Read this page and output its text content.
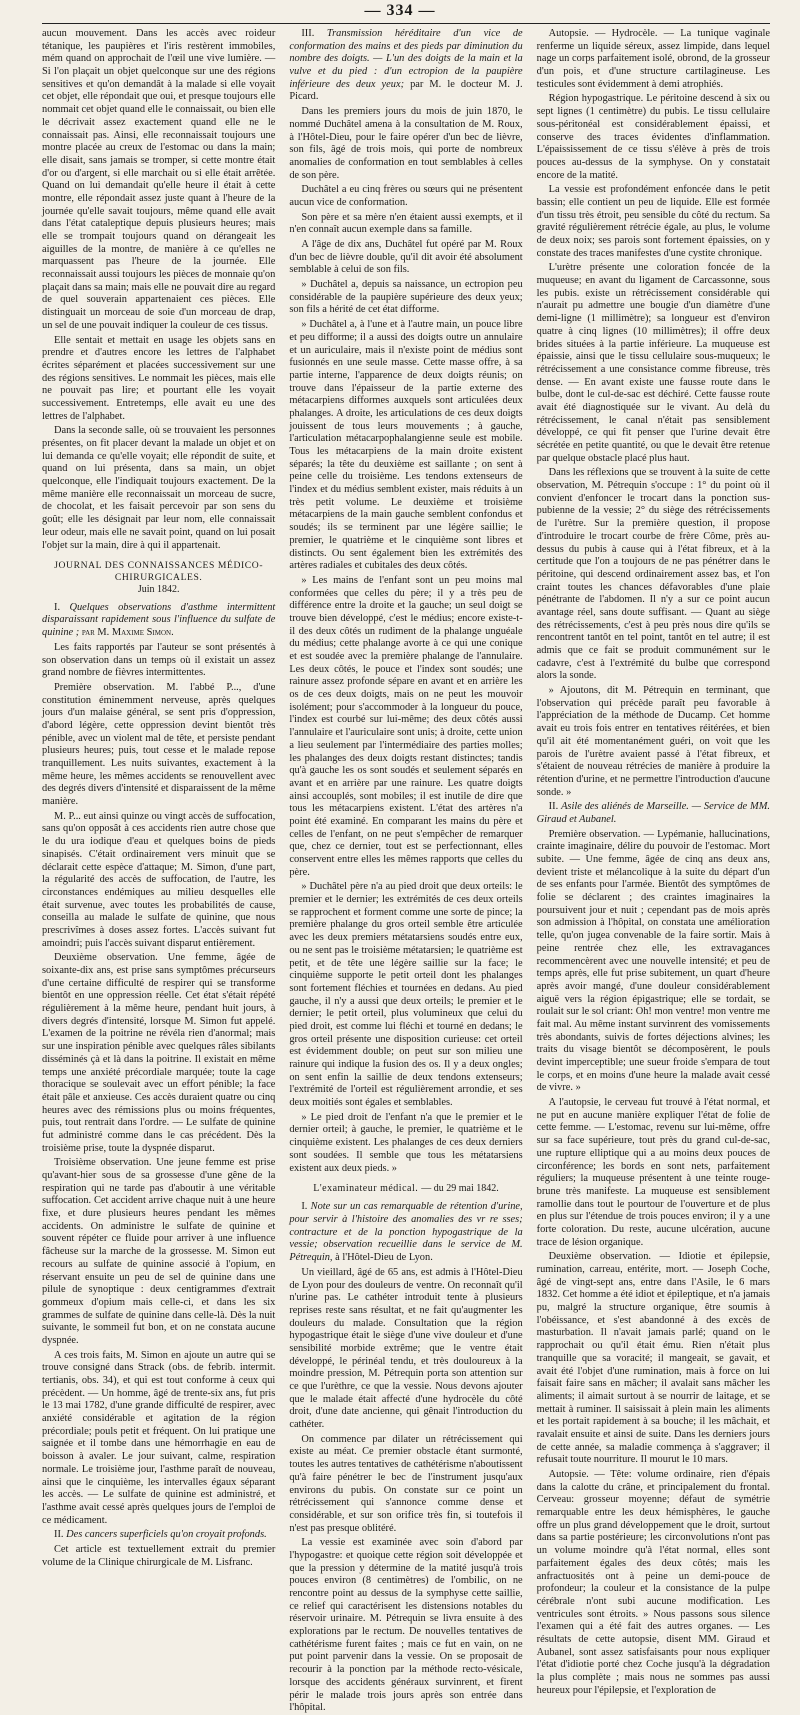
— 334 —

aucun mouvement. Dans les accès avec roideur tétanique, les paupières et l'iris restèrent immobiles, mém quand on approchait de l'œil une vive lumière. — Si l'on plaçait un objet quelconque sur une des régions sensitives et qu'on demandât à la malade si elle voyait cet objet, elle répondait que oui, et presque toujours elle nommait cet objet quand elle le connaissait, ou bien elle le décrivait assez exactement quand elle ne le connaissait pas. Ainsi, elle reconnaissait toujours une montre placée au creux de l'estomac ou dans la main; elle disait, sans jamais se tromper, si cette montre était d'or ou d'argent, si elle marchait ou si elle était arrêtée. Quand on lui demandait qu'elle heure il était à cette montre, elle répondait assez juste quant à l'heure de la journée qu'elle savait toujours, même quand elle avait dans l'état cataleptique depuis plusieurs heures; mais elle se trompait toujours quand on dérangeait les aiguilles de la montre, de manière à ce qu'elles ne marquassent pas l'heure de la journée. Elle reconnaissait aussi toujours les pièces de monnaie qu'on plaçait dans sa main; mais elle ne pouvait dire au regard de quel souverain appartenaient ces pièces. Elle distinguait un morceau de soie d'un morceau de drap, un sel de une pouvait indiquer la couleur de ces tissus.

Elle sentait et mettait en usage les objets sans en prendre et d'autres encore les lettres de l'alphabet écrites séparément et placées successivement sur une des régions sensitives. Le nommait les pièces, mais elle ne pouvait pas lire; et pourtant elle les voyait successivement. Entretemps, elle avait eu une des lettres de l'alphabet.

Dans la seconde salle, où se trouvaient les personnes présentes, on fit placer devant la malade un objet et on lui demanda ce qu'elle voyait; elle répondit de suite, et quand on lui présenta, dans sa main, un objet quelconque, elle l'indiquait toujours exactement. De la même manière elle reconnaissait un morceau de sucre, de chocolat, et les faisait percevoir par son sens du goût; elle les désignait par leur nom, elle connaissait leur odeur, mais elle ne savait point, quand on lui posait l'objet sur la main, dire à qui il appartenait.

JOURNAL DES CONNAISSANCES MÉDICO-CHIRURGICALES.
Juin 1842.

I. Quelques observations d'asthme intermittent disparaissant rapidement sous l'influence du sulfate de quinine ; par M. Maxime Simon.

Les faits rapportés par l'auteur se sont présentés à son observation dans un temps où il existait un assez grand nombre de fièvres intermittentes.

Première observation. M. l'abbé P..., d'une constitution éminemment nerveuse, après quelques jours d'un malaise général, se sent pris d'oppression, d'abord légère, cette oppression devint bientôt très pénible, avec un violent mal de tête, et persiste pendant plusieurs heures; puis, tout cesse et le malade repose tranquillement. Les nuits suivantes, exactement à la même heure, les mêmes accidents se renouvellent avec des degrés divers d'intensité et disparaissent de la même manière.

M. P... eut ainsi quinze ou vingt accès de suffocation, sans qu'on opposât à ces accidents rien autre chose que le du ura iodique d'eau et quelques boins de pieds sinapisés. C'était ordinairement vers minuit que se déclarait cette espèce d'attaque; M. Simon, d'une part, la régularité des accès de suffocation, de l'autre, les circonstances endémiques au milieu desquelles elle était survenue, avec toutes les probabilités de cause, conseilla au malade le sulfate de quinine, que nous prescrivîmes à doses assez fortes. L'accès suivant fut amoindri; puis l'accès suivant disparut entièrement.

Deuxième observation. Une femme, âgée de soixante-dix ans, est prise sans symptômes précurseurs d'une certaine difficulté de respirer qui se transforme bientôt en une oppression réelle. Cet état s'était répété régulièrement à la même heure, pendant huit jours, à divers degrés d'intensité, lorsque M. Simon fut appelé. L'examen de la poitrine ne révéla rien d'anormal; mais sur une inspiration pénible avec quelques râles sibilants disséminés çà et là dans la poitrine. Il existait en même temps une anxiété précordiale marquée; toute la cage thoracique se soulevait avec un effort pénible; la face était pâle et anxieuse. Ces accès duraient quatre ou cinq heures avec des rémissions plus ou moins fréquentes, puis, tout rentrait dans l'ordre. — Le sulfate de quinine fut administré comme dans le cas précédent. Dès la troisième prise, toute la dyspnée disparut.

Troisième observation. Une jeune femme est prise qu'avant-hier sous de sa grossesse d'une gêne de la respiration qui ne tarde pas d'aboutir à une véritable suffocation. Cet accident arrive chaque nuit à une heure fixe, et dure plusieurs heures pendant les mêmes accidents. On administre le sulfate de quinine et souvent répéter ce fluide pour arriver à une influence fâcheuse sur la marche de la grossesse. M. Simon eut recours au sulfate de quinine associé à l'opium, en réservant ensuite un peu de sel de quinine dans une pilule de synoptique : deux centigrammes d'extrait gommeux d'opium mais celle-ci, et dans les six grammes de sulfate de quinine dans celle-là. Dès la nuit suivante, le sommeil fut bon, et on ne constata aucune dyspnée.

A ces trois faits, M. Simon en ajoute un autre qui se trouve consigné dans Strack (obs. de febrib. intermit. tertianis, obs. 34), et qui est tout conforme à ceux qui précèdent. — Un homme, âgé de trente-six ans, fut pris le 13 mai 1782, d'une grande difficulté de respirer, avec anxiété considérable et agitation de la région précordiale; pouls petit et fréquent. On lui pratique une saignée et il tombe dans une hémorrhagie en eau de boisson à avaler. Le jour suivant, calme, respiration normale. Le troisième jour, l'asthme paraît de nouveau, ainsi que le cinquième, les intervalles égaux séparant les accès. — Le sulfate de quinine est administré, et l'asthme avait cessé après quelques jours de l'emploi de ce médicament.

II. Des cancers superficiels qu'on croyait profonds.

Cet article est textuellement extrait du premier volume de la Clinique chirurgicale de M. Lisfranc.

III. Transmission héréditaire d'un vice de conformation des mains et des pieds par diminution du nombre des doigts. — L'un des doigts de la main et la vulve et du pied : d'un ectropion de la paupière inférieure des deux yeux; par M. le docteur M. J. Picard.

Dans les premiers jours du mois de juin 1870, le nommé Duchâtel amena à la consultation de M. Roux, à l'Hôtel-Dieu, pour le faire opérer d'un bec de lièvre, son fils, âgé de trois mois, qui porte de nombreux anomalies de conformation en tout semblables à celles de son père.

Duchâtel a eu cinq frères ou sœurs qui ne présentent aucun vice de conformation.

Son père et sa mère n'en étaient aussi exempts, et il n'en connaît aucun exemple dans sa famille.

A l'âge de dix ans, Duchâtel fut opéré par M. Roux d'un bec de lièvre double, qu'il dit avoir été absolument semblable à celui de son fils.

» Duchâtel a, depuis sa naissance, un ectropion peu considérable de la paupière supérieure des deux yeux; son fils a hérité de cet état difforme.

» Duchâtel a, à l'une et à l'autre main, un pouce libre et peu difforme; il a aussi des doigts outre un annulaire et un auriculaire, mais il n'existe point de médius sont fusionnés en une seule masse. Cette masse offre, à sa partie interne, l'apparence de deux doigts réunis; on trouve dans l'épaisseur de la partie externe des métacarpiens difformes auxquels sont articulées deux phalanges. A droite, les articulations de ces deux doigts jouissent de tous leurs mouvements ; à gauche, l'articulation métacarpophalangienne seule est mobile. Tous les métacarpiens de la main droite existent séparés; la tête du deuxième est saillante ; on sent à peine celle du troisième. Les tendons extenseurs de l'index et du médius semblent exister, mais réduits à un très petit volume. Le deuxième et troisième métacarpiens de la main gauche semblent confondus et soudés; ils se terminent par une légère saillie; le premier, le quatrième et le cinquième sont libres et distincts. Ou sent également bien les extrémités des artères radiales et cubitales des deux côtés.

» Les mains de l'enfant sont un peu moins mal conformées que celles du père; il y a très peu de différence entre la droite et la gauche; un seul doigt se trouve bien développé, c'est le médius; encore existe-t-il des deux côtés un rudiment de la phalange unguéale du médius; cette phalange avorte à ce qui une conique et est soudée avec la première phalange de l'annulaire. Les deux côtés, le pouce et l'index sont soudés; une rainure assez profonde sépare en avant et en arrière les os de ces deux doigts, mais on ne peut les mouvoir isolément; pour s'accommoder à la longueur du pouce, l'index est courbé sur lui-même; des deux côtés aussi l'annulaire et l'auriculaire sont unis; à droite, cette union a lieu seulement par l'intermédiaire des parties molles; les phalanges des deux doigts restant distinctes; tandis qu'à gauche les os sont soudés et seulement séparés en avant et en arrière par une rainure. Les quatre doigts ainsi accouplés, sont mobiles; il est inutile de dire que tous les métacarpiens existent. L'état des artères n'a point été examiné. En comparant les mains du père et celles de l'enfant, on ne peut s'empêcher de remarquer que, chez ce dernier, tout est se perfectionnant, elles conservent entre elles les mêmes rapports que celles du père.

» Duchâtel père n'a au pied droit que deux orteils: le premier et le dernier; les extrémités de ces deux orteils se rapprochent et forment comme une sorte de pince; la première phalange du gros orteil semble être articulée avec les deux premiers métatarsiens soudés entre eux, ou ne sent pas le troisième métatarsien; le quatrième est petit, et de tête une légère saillie sur la face; le cinquième supporte le petit orteil dont les phalanges sont fortement fléchies et tournées en dedans. Au pied gauche, il n'y a aussi que deux orteils; le premier et le dernier; le petit orteil, plus volumineux que celui du pied droit, est comme lui fléchi et tourné en dedans; le gros orteil présente une disposition curieuse: cet orteil est évidemment double; on peut sur son milieu une rainure qui indique la fusion des os. Il y a deux ongles; on sent enfin la saillie de deux tendons extenseurs; l'extrémité de l'orteil est régulièrement arrondie, et ses deux moitiés sont égales et semblables.

» Le pied droit de l'enfant n'a que le premier et le dernier orteil; à gauche, le premier, le quatrième et le cinquième existent. Les phalanges de ces deux derniers sont soudées. Il semble que tous les métatarsiens existent aux deux pieds. »

L'examinateur médical. — du 29 mai 1842.

I. Note sur un cas remarquable de rétention d'urine, pour servir à l'histoire des anomalies des vr re sses; contracture et de la ponction hypogastrique de la vessie; observation recueillie dans le service de M. Pétrequin, à l'Hôtel-Dieu de Lyon.

Un vieillard, âgé de 65 ans, est admis à l'Hôtel-Dieu de Lyon pour des douleurs de ventre. On reconnaît qu'il n'urine pas. Le cathéter introduit tente à plusieurs reprises reste sans résultat, et ne fait qu'augmenter les douleurs du malade. Consultation que la région hypogastrique était le siège d'une vive douleur et d'une sensibilité morbide extrême; que le ventre était développé, le périnéal tendu, et très douloureux à la moindre pression, M. Pétrequin porta son attention sur ce que l'urèthre, ce que la vessie. Nous devons ajouter que le malade était affecté d'une hydrocèle du côté droit, d'une date ancienne, qui gênait l'introduction du cathéter.

On commence par dilater un rétrécissement qui existe au méat. Ce premier obstacle étant surmonté, toutes les autres tentatives de cathétérisme n'aboutissent qu'à faire pénétrer le bec de l'instrument jusqu'aux environs du pubis. On constate sur ce point un rétrécissement qui s'annonce comme dense et considérable, et sur son orifice très fin, si toutefois il n'est pas presque oblitéré.

La vessie est examinée avec soin d'abord par l'hypogastre: et quoique cette région soit développée et que la pression y détermine de la matité jusqu'à trois pouces environ (8 centimètres) de l'ombilic, on ne rencontre point au dessus de la symphyse cette saillie, ce relief qui caractérisent les distensions notables du réservoir urinaire. M. Pétrequin se livra ensuite à des explorations par le rectum. De nouvelles tentatives de cathétérisme furent faites ; mais ce fut en vain, on ne put point parvenir dans la vessie. On se proposait de recourir à la ponction par la méthode recto-vésicale, lorsque des accidents généraux survinrent, et firent périr le malade trois jours après son entrée dans l'hôpital.

Autopsie. — Hydrocèle. — La tunique vaginale renferme un liquide séreux, assez limpide, dans lequel nage un corps parfaitement isolé, obrond, de la grosseur d'un pois, et d'une structure cartilagineuse. Les testicules sont évidemment à demi atrophiés.

Région hypogastrique. Le péritoine descend à six ou sept lignes (1 centimètre) du pubis. Le tissu cellulaire sous-péritonéal est considérablement épaissi, et conserve des traces évidentes d'inflammation. L'épaississement de ce tissu s'élève à près de trois pouces au-dessus de la symphyse. On y constatait encore de la matité.

La vessie est profondément enfoncée dans le petit bassin; elle contient un peu de liquide. Elle est formée d'un tissu très étroit, peu sensible du côté du rectum. Sa gravité régulièrement rétrécie égale, au plus, le volume de deux noix; ses parois sont fortement épaissies, on y constate des traces manifestes d'une cystite chronique.

L'urètre présente une coloration foncée de la muqueuse; en avant du ligament de Carcassonne, sous les pubis. existe un rétrécissement considérable qui n'aurait pu admettre une bougie d'un diamètre d'une demi-ligne (1 millimètre); sa longueur est d'environ quatre à cinq lignes (10 millimètres); il offre deux brides situées à la partie inférieure. La muqueuse est épaissie, ainsi que le tissu cellulaire sous-muqueux; le rétrécissement a une consistance comme fibreuse, très dense. — En avant existe une fausse route dans le bulbe, dont le cul-de-sac est déchiré. Cette fausse route avait été diagnostiquée sur le vivant. Au delà du rétrécissement, le canal n'était pas sensiblement développé, ce qui fit penser que l'urine devait être sécrétée en petite quantité, ou que le devait être retenue par quelque obstacle placé plus haut.

Dans les réflexions que se trouvent à la suite de cette observation, M. Pétrequin s'occupe : 1° du point où il convient d'enfoncer le trocart dans la ponction sus-pubienne de la vessie; 2° du siège des rétrécissements de l'urètre. Sur la première question, il propose d'introduire le trocart courbe de frère Côme, près au-dessus du pubis à cause qui à l'état fibreux, et à la certitude que l'on a toujours de ne pas pénétrer dans le péritoine, qui descend ordinairement assez bas, et l'on craint toutes les chances défavorables d'une plaie pénétrante de l'abdomen. Il n'y a sur ce point aucun avantage réel, sans doute suffisant. — Quant au siège des rétrécissements, c'est à peu près nous dire qu'ils se rencontrent tantôt en tel point, tantôt en tel autre; il est admis que ce fait se produit communément sur le cadavre, c'est à l'extrémité du bulbe que correspond alors la sonde.

» Ajoutons, dit M. Pétrequin en terminant, que l'observation qui précède paraît peu favorable à l'appréciation de la méthode de Ducamp. Cet homme avait eu trois fois entrer en tentatives réitérées, et bien qu'il ait été momentanément guéri, on voit que les parois de l'urètre avaient passé à l'état fibreux, et s'étaient de nouveau rétrécies de manière à produire la rétention d'urine, et ne permettre l'introduction d'aucune sonde. »

II. Asile des aliénés de Marseille. — Service de MM. Giraud et Aubanel.

Première observation. — Lypémanie, hallucinations, crainte imaginaire, délire du pouvoir de l'estomac. Mort subite. — Une femme, âgée de cinq ans deux ans, devient triste et mélancolique à la suite du départ d'un de ses enfants pour l'armée. Bientôt des symptômes de folie se déclarent ; des craintes imaginaires la poursuivent jour et nuit ; cependant pas de mois après son admission à l'hôpital, on constata une amélioration telle, qu'on jugea convenable de la faire sortir. Mais à peine rentrée chez elle, les extravagances recommencèrent avec une nouvelle intensité; et peu de temps après, elle fut prise subitement, un quart d'heure après avoir mangé, d'une douleur considérablement aiguë vers la région épigastrique; elle se tordait, se roulait sur le sol criant: Oh! mon ventre! mon ventre me fait mal. Au même instant survinrent des vomissements très abondants, suivis de fortes déjections alvines; les traits du visage bientôt se décomposèrent, le pouls devint imperceptible; une sueur froide s'empara de tout le corps, et en moins d'une heure la malade avait cessé de vivre. »

A l'autopsie, le cerveau fut trouvé à l'état normal, et ne put en aucune manière expliquer l'état de folie de cette femme. — L'estomac, revenu sur lui-même, offre sur sa face supérieure, tout près du grand cul-de-sac, une rupture elliptique qui a au moins deux pouces de circonférence; les bords en sont nets, parfaitement réguliers; la muqueuse présentent à une teinte rouge-brune très manifeste. La muqueuse est sensiblement ramollie dans tout le pourtour de l'ouverture et de plus en plus sur l'étendue de trois pouces environ; il y a une forte coloration. Du reste, aucune ulcération, aucune trace de lésion organique.

Deuxième observation. — Idiotie et épilepsie, rumination, carreau, entérite, mort. — Joseph Coche, âgé de vingt-sept ans, entre dans l'Asile, le 6 mars 1832. Cet homme a été idiot et épileptique, et n'a jamais pu, malgré la structure organique, être soumis à l'obéissance, et s'est abandonné à des excès de masturbation. Il n'avait jamais parlé; quand on le rapprochait ou qu'il était ému. Rien n'était plus tranquille que sa voracité; il mangeait, se gavait, et avait été l'objet d'une rumination, mais à force on lui faisait faire sans en mâcher; il avalait sans mâcher les aliments; il aimait surtout à se nourrir de laitage, et se mettait à ruminer. Il saisissait à plein main les aliments et les portait rapidement à sa bouche; il les mâchait, et ravalait ensuite et ainsi de suite. Dans les derniers jours de cette année, sa maladie commença à s'aggraver; il refusait toute nourriture. Il mourut le 10 mars.

Autopsie. — Tête: volume ordinaire, rien d'épais dans la calotte du crâne, et principalement du frontal. Cerveau: grosseur moyenne; défaut de symétrie remarquable entre les deux hémisphères, le gauche offre un plus grand développement que le droit, surtout dans sa partie postérieure; les circonvolutions n'ont pas un volume moindre qu'à l'état normal, elles sont parfaitement égales des deux côtés; mais les anfractuosités ont à peine un demi-pouce de profondeur; la couleur et la consistance de la pulpe cérébrale n'ont subi aucune modification. Les ventricules sont étroits. » Nous passons sous silence l'examen qui a été fait des autres organes. — Les résultats de cette autopsie, disent MM. Giraud et Aubanel, sont assez satisfaisants pour nous expliquer l'état d'idiotie porté chez Coche jusqu'à la dégradation la plus complète ; mais nous ne sommes pas aussi heureux pour l'épilepsie, et l'exploration de
